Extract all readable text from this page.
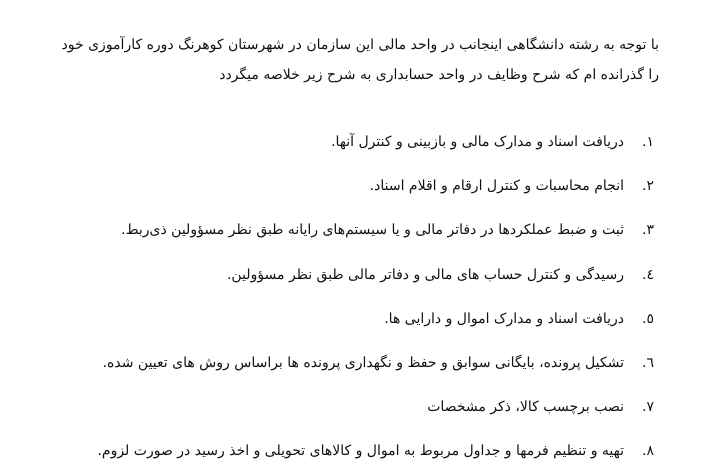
با توجه به رشته دانشگاهی اینجانب در واحد مالی این سازمان در شهرستان کوهرنگ دوره کارآموزی خود
را گذرانده ام که شرح وظایف در واحد حسابداری به شرح زیر خلاصه میگردد
١.
دریافت اسناد و مدارک مالی و بازبینی و کنترل آنها.
٢.
انجام محاسبات و کنترل ارقام و اقلام اسناد.
٣.
ثبت و ضبط عملکردها در دفاتر مالی و یا سیستم‌های رایانه طبق نظر مسؤولین ذی‌ربط.
٤.
رسیدگی و کنترل حساب های مالی و دفاتر مالی طبق نظر مسؤولین.
٥.
دریافت اسناد و مدارک اموال و دارایی ها.
٦.
تشکیل پرونده، بایگانی سوابق و حفظ و نگهداری پرونده ها براساس روش های تعیین شده.
٧.
نصب برچسب کالا، ذکر مشخصات
٨.
تهیه و تنظیم فرمها و جداول مربوط به اموال و کالاهای تحویلی و اخذ رسید در صورت لزوم.
